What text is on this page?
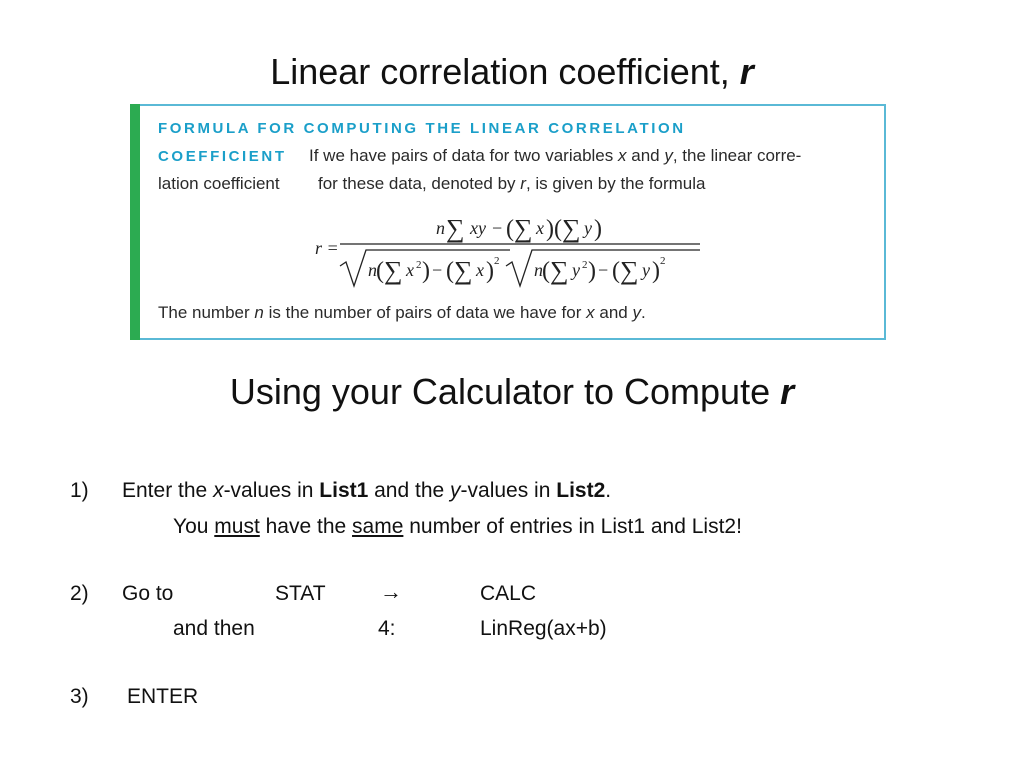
Linear correlation coefficient, r
FORMULA FOR COMPUTING THE LINEAR CORRELATION
COEFFICIENT If we have pairs of data for two variables x and y, the linear corre-
lation coefficient for these data, denoted by r, is given by the formula
r =
n ∑ xy − ( ∑ x ) ( ∑ y )
n ( ∑ x 2 ) − ( ∑ x ) 2 n ( ∑ y 2 ) − ( ∑ y ) 2
The number n is the number of pairs of data we have for x and y.
Using your Calculator to Compute r
1) Enter the x-values in List1 and the y-values in List2.
You must have the same number of entries in List1 and List2!
2) Go to	STAT →	CALC
and then	4:	LinReg(ax+b)
3) ENTER
